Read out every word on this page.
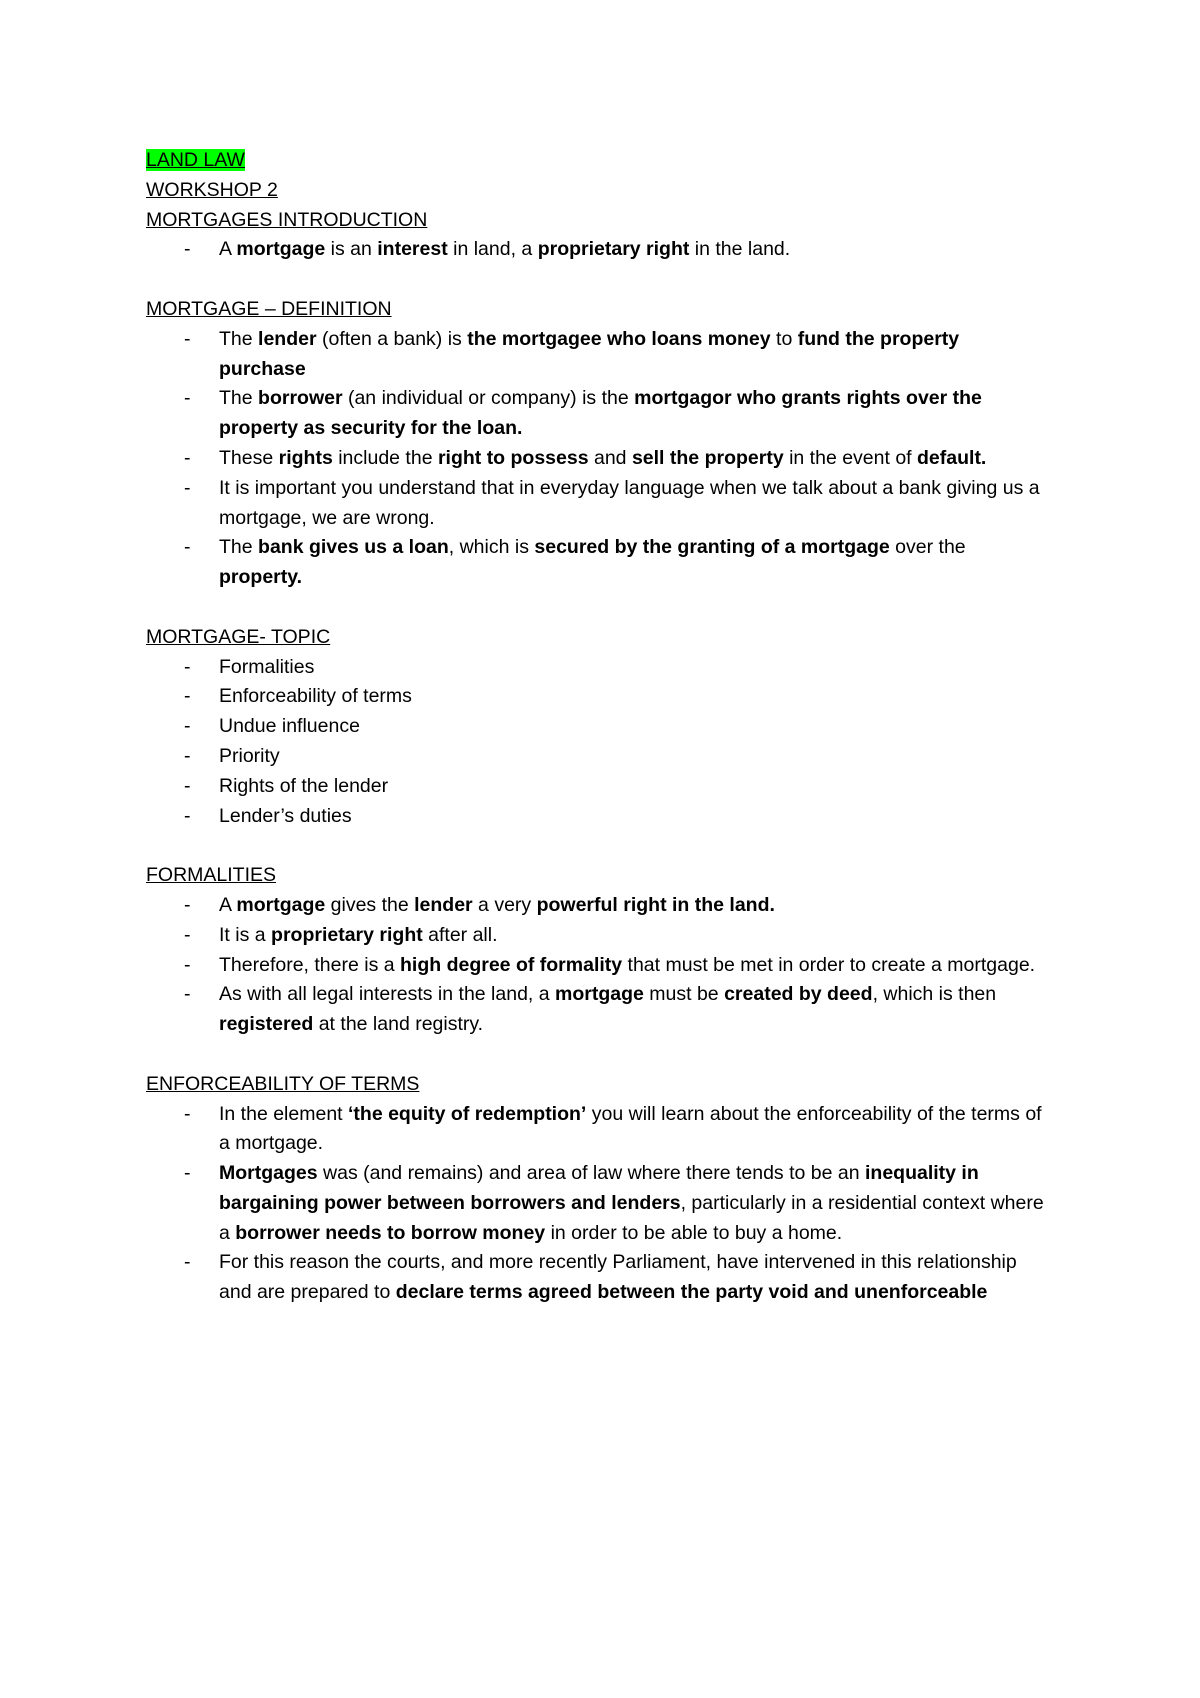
LAND LAW
WORKSHOP 2
MORTGAGES INTRODUCTION
- A mortgage is an interest in land, a proprietary right in the land.
MORTGAGE – DEFINITION
- The lender (often a bank) is the mortgagee who loans money to fund the property purchase
- The borrower (an individual or company) is the mortgagor who grants rights over the property as security for the loan.
- These rights include the right to possess and sell the property in the event of default.
- It is important you understand that in everyday language when we talk about a bank giving us a mortgage, we are wrong.
- The bank gives us a loan, which is secured by the granting of a mortgage over the property.
MORTGAGE- TOPIC
- Formalities
- Enforceability of terms
- Undue influence
- Priority
- Rights of the lender
- Lender’s duties
FORMALITIES
- A mortgage gives the lender a very powerful right in the land.
- It is a proprietary right after all.
- Therefore, there is a high degree of formality that must be met in order to create a mortgage.
- As with all legal interests in the land, a mortgage must be created by deed, which is then registered at the land registry.
ENFORCEABILITY OF TERMS
- In the element ‘the equity of redemption’ you will learn about the enforceability of the terms of a mortgage.
- Mortgages was (and remains) and area of law where there tends to be an inequality in bargaining power between borrowers and lenders, particularly in a residential context where a borrower needs to borrow money in order to be able to buy a home.
- For this reason the courts, and more recently Parliament, have intervened in this relationship and are prepared to declare terms agreed between the party void and unenforceable
